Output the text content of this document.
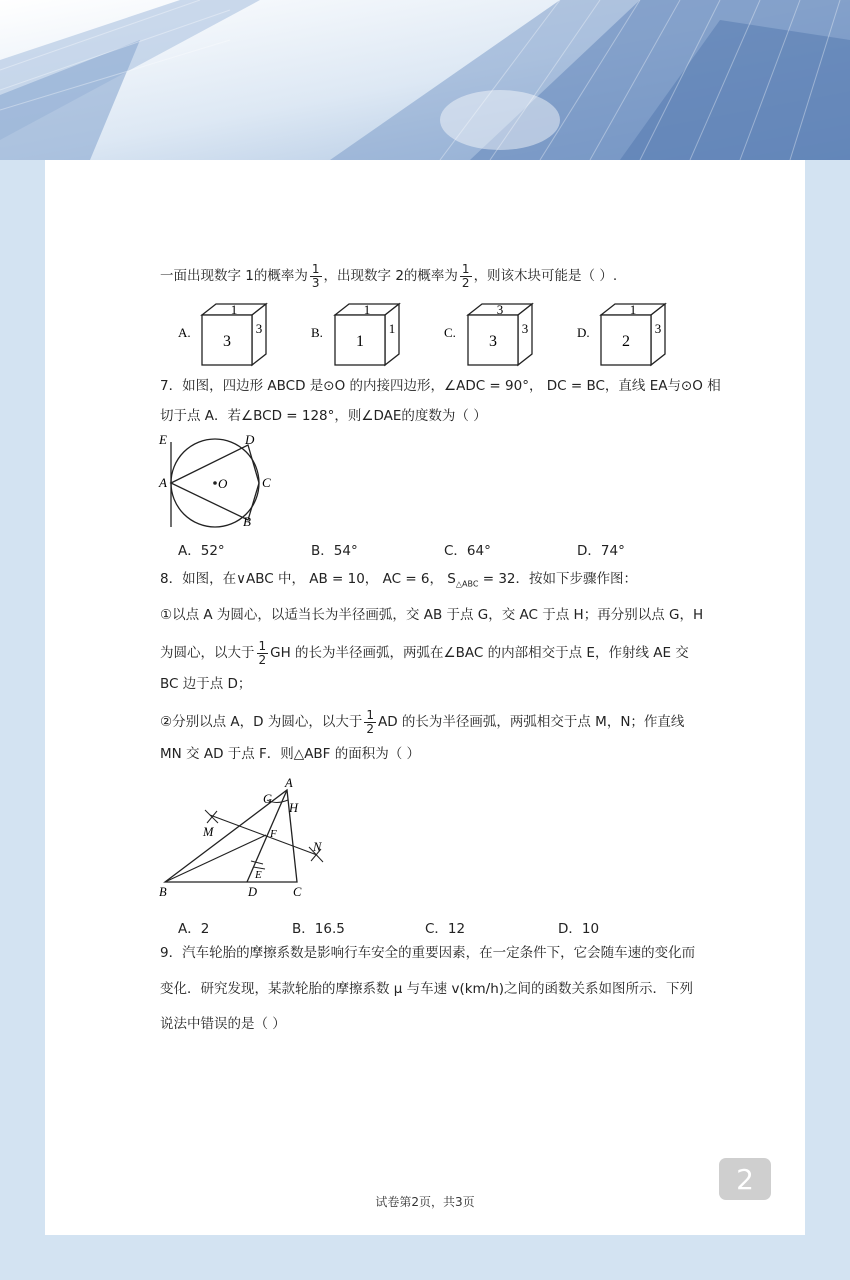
一面出现数字 1的概率为 $\frac{1}{3}$ ，出现数字 2的概率为 $\frac{1}{2}$ ，则该木块可能是（ ）.
A.
1
3
3	B.
1
1
1	C.
3
3
3	D.
1
2
3
7．如图，四边形 ABCD 是⊙O 的内接四边形，∠ADC = 90°， DC = BC，直线 EA与⊙O 相
切于点 A．若∠BCD = 128°，则∠DAE的度数为（ ）
E
A
D
O	C
B
A．52°	B．54°	C．64°	D．74°
8．如图，在∨ABC 中， AB = 10， AC = 6， $S_{\triangle ABC} = 32$．按如下步骤作图：
①以点 A 为圆心，以适当长为半径画弧，交 AB 于点 G，交 AC 于点 H；再分别以点 G，H
为圆心，以大于 $\frac{1}{2}$ GH 的长为半径画弧，两弧在∠BAC 的内部相交于点 E，作射线 AE 交
BC 边于点 D；
②分别以点 A，D 为圆心，以大于 $\frac{1}{2}$ AD 的长为半径画弧，两弧相交于点 M，N；作直线
MN 交 AD 于点 F．则△ABF 的面积为（ ）
A
G
H
M	F
N
E
B	D	C
A．2	B．16.5	C．12	D．10
9．汽车轮胎的摩擦系数是影响行车安全的重要因素，在一定条件下，它会随车速的变化而
变化．研究发现，某款轮胎的摩擦系数 μ 与车速 v(km/h)之间的函数关系如图所示．下列
说法中错误的是（ ）
2
试卷第2页，共3页
